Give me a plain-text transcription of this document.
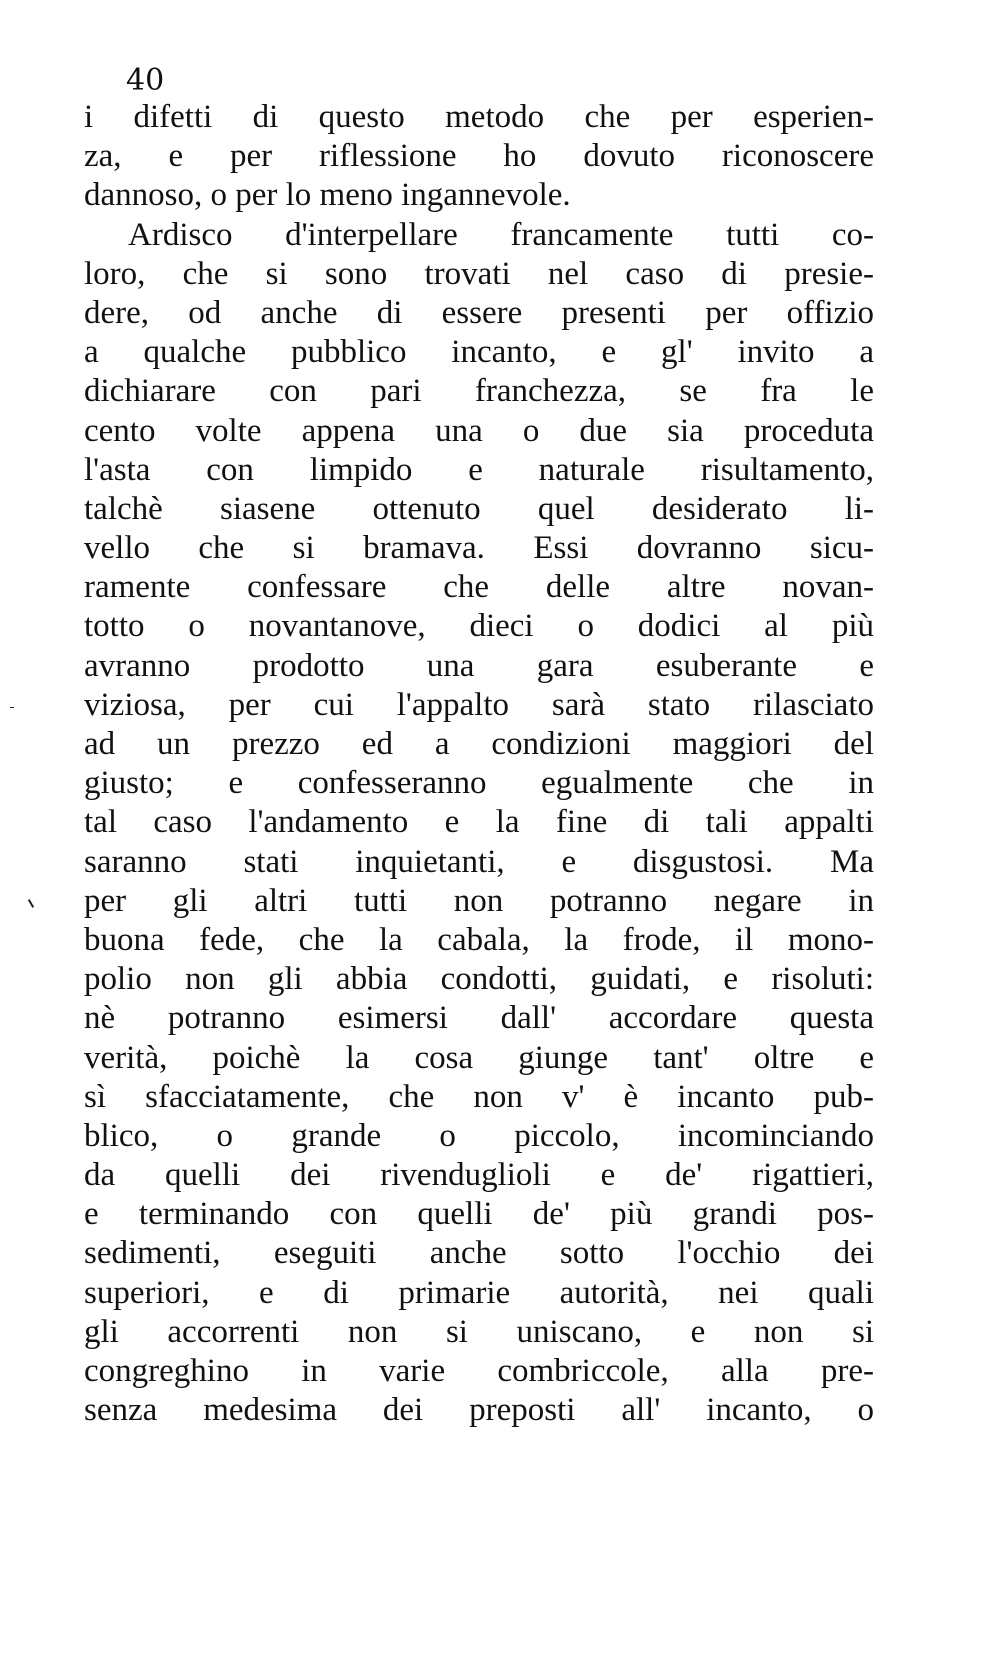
40
i difetti di questo metodo che per esperien-
za, e per riflessione ho dovuto riconoscere
dannoso, o per lo meno ingannevole.
Ardisco d'interpellare francamente tutti co-
loro, che si sono trovati nel caso di presie-
dere, od anche di essere presenti per offizio
a qualche pubblico incanto, e gl' invito a
dichiarare con pari franchezza, se fra le
cento volte appena una o due sia proceduta
l'asta con limpido e naturale risultamento,
talchè siasene ottenuto quel desiderato li-
vello che si bramava. Essi dovranno sicu-
ramente confessare che delle altre novan-
totto o novantanove, dieci o dodici al più
avranno prodotto una gara esuberante e
viziosa, per cui l'appalto sarà stato rilasciato
ad un prezzo ed a condizioni maggiori del
giusto; e confesseranno egualmente che in
tal caso l'andamento e la fine di tali appalti
saranno stati inquietanti, e disgustosi. Ma
per gli altri tutti non potranno negare in
buona fede, che la cabala, la frode, il mono-
polio non gli abbia condotti, guidati, e risoluti:
nè potranno esimersi dall' accordare questa
verità, poichè la cosa giunge tant' oltre e
sì sfacciatamente, che non v' è incanto pub-
blico, o grande o piccolo, incominciando
da quelli dei rivenduglioli e de' rigattieri,
e terminando con quelli de' più grandi pos-
sedimenti, eseguiti anche sotto l'occhio dei
superiori, e di primarie autorità, nei quali
gli accorrenti non si uniscano, e non si
congreghino in varie combriccole, alla pre-
senza medesima dei preposti all' incanto, o
